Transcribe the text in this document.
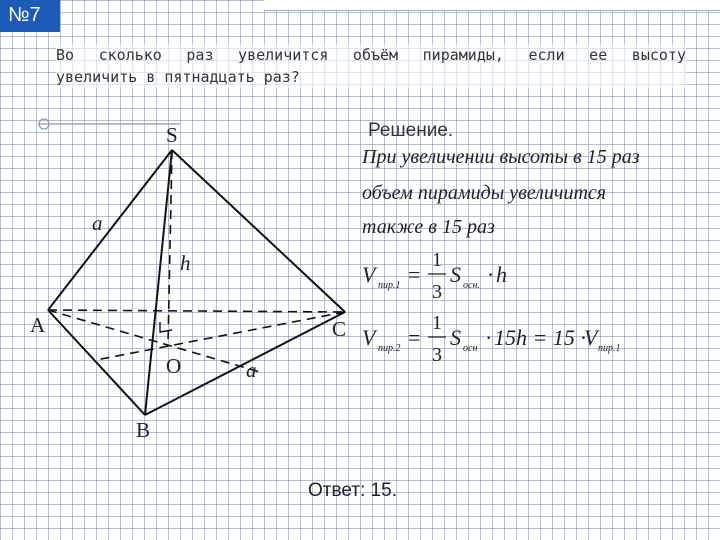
№7
Во сколько раз увеличится объём пирамиды, если ее высоту
увеличить в пятнадцать раз?
S
a
h
A	C
O	a
B
Решение.
При увеличении высоты в 15 раз
объем пирамиды увеличится
также в 15 раз
V пир.1 =
1
3
S осн. · h
V пир.2 =
1
3
S осн · 15h = 15 ·
V пир.1
Ответ: 15.
